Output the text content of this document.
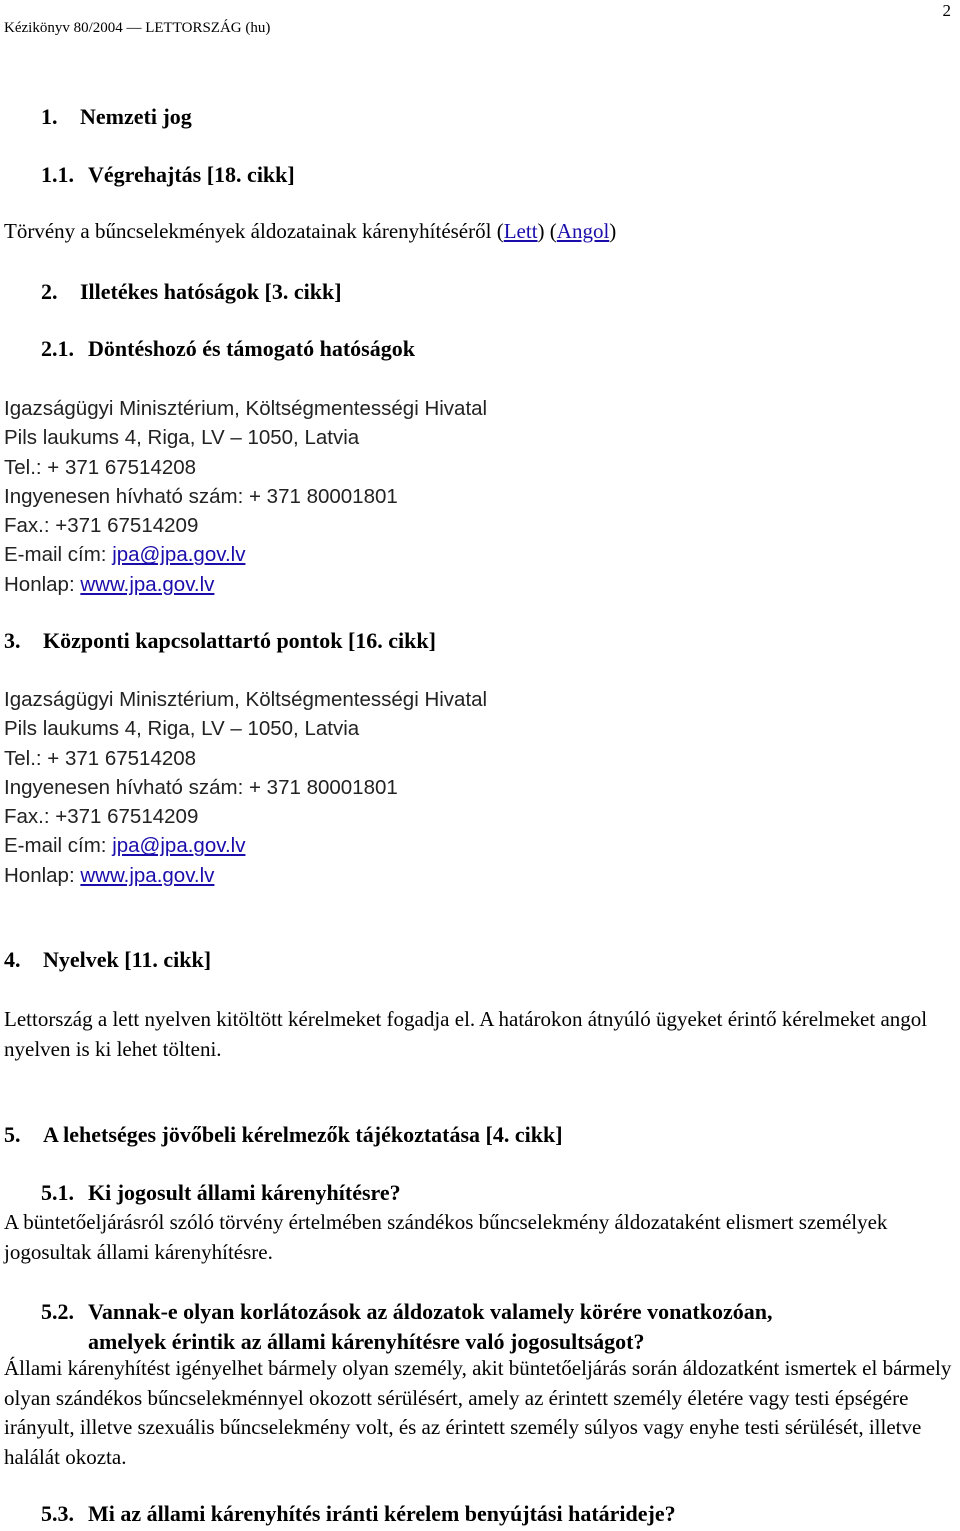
Kézikönyv 80/2004 — LETTORSZÁG (hu)
2
1. Nemzeti jog
1.1. Végrehajtás [18. cikk]
Törvény a bűncselekmények áldozatainak kárenyhítéséről (Lett) (Angol)
2. Illetékes hatóságok [3. cikk]
2.1. Döntéshozó és támogató hatóságok
Igazságügyi Minisztérium, Költségmentességi Hivatal
Pils laukums 4, Riga, LV – 1050, Latvia
Tel.: + 371 67514208
Ingyenesen hívható szám: + 371 80001801
Fax.: +371 67514209
E-mail cím: jpa@jpa.gov.lv
Honlap: www.jpa.gov.lv
3. Központi kapcsolattartó pontok [16. cikk]
Igazságügyi Minisztérium, Költségmentességi Hivatal
Pils laukums 4, Riga, LV – 1050, Latvia
Tel.: + 371 67514208
Ingyenesen hívható szám: + 371 80001801
Fax.: +371 67514209
E-mail cím: jpa@jpa.gov.lv
Honlap: www.jpa.gov.lv
4. Nyelvek [11. cikk]
Lettország a lett nyelven kitöltött kérelmeket fogadja el. A határokon átnyúló ügyeket érintő kérelmeket angol nyelven is ki lehet tölteni.
5. A lehetséges jövőbeli kérelmezők tájékoztatása [4. cikk]
5.1. Ki jogosult állami kárenyhítésre?
A büntetőeljárásról szóló törvény értelmében szándékos bűncselekmény áldozataként elismert személyek jogosultak állami kárenyhítésre.
5.2. Vannak-e olyan korlátozások az áldozatok valamely körére vonatkozóan,
amelyek érintik az állami kárenyhítésre való jogosultságot?
Állami kárenyhítést igényelhet bármely olyan személy, akit büntetőeljárás során áldozatként ismertek el bármely olyan szándékos bűncselekménnyel okozott sérülésért, amely az érintett személy életére vagy testi épségére irányult, illetve szexuális bűncselekmény volt, és az érintett személy súlyos vagy enyhe testi sérülését, illetve halálát okozta.
5.3. Mi az állami kárenyhítés iránti kérelem benyújtási határideje?
